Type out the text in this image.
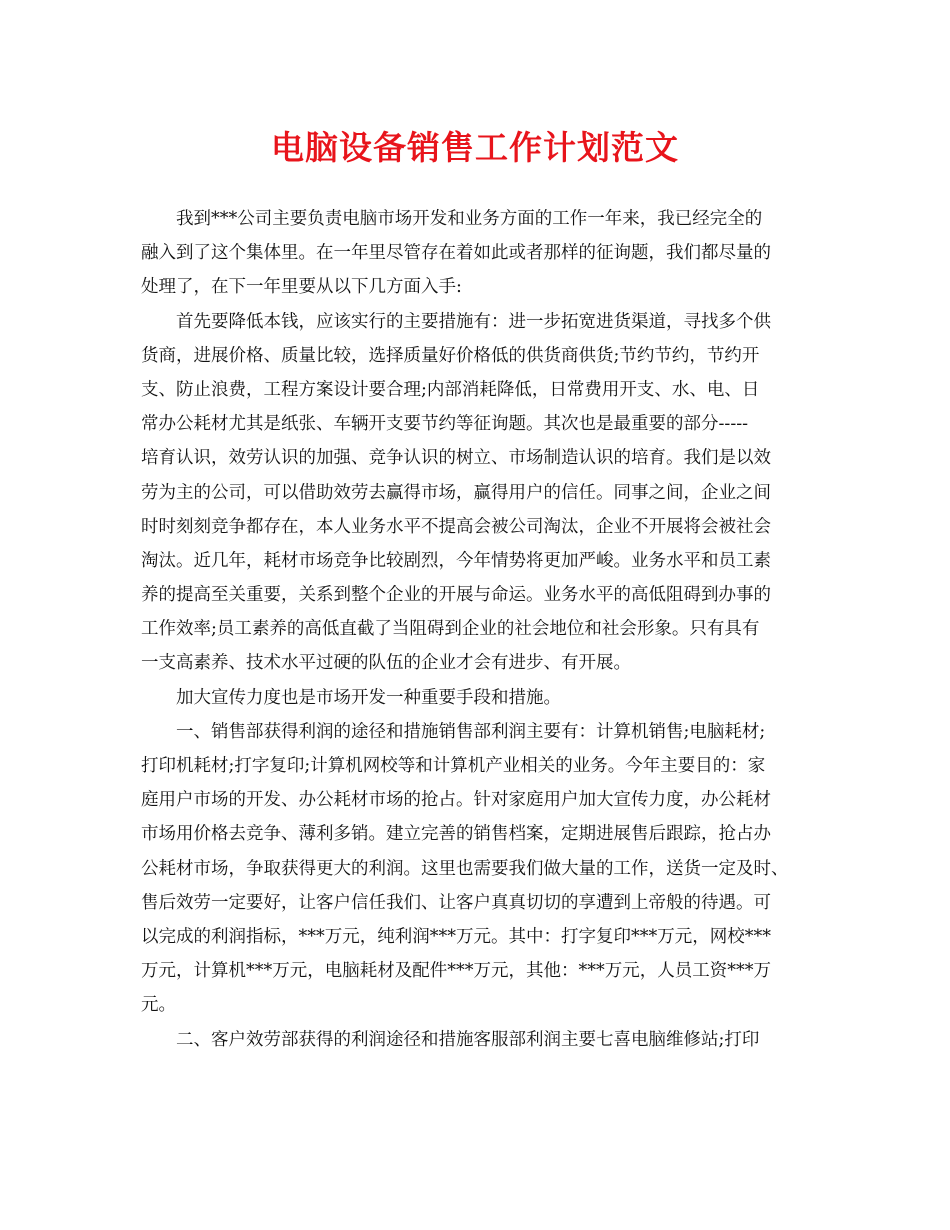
电脑设备销售工作计划范文
我到***公司主要负责电脑市场开发和业务方面的工作一年来，我已经完全的
融入到了这个集体里。在一年里尽管存在着如此或者那样的征询题，我们都尽量的
处理了，在下一年里要从以下几方面入手:
首先要降低本钱，应该实行的主要措施有：进一步拓宽进货渠道，寻找多个供
货商，进展价格、质量比较，选择质量好价格低的供货商供货;节约节约，节约开
支、防止浪费，工程方案设计要合理;内部消耗降低，日常费用开支、水、电、日
常办公耗材尤其是纸张、车辆开支要节约等征询题。其次也是最重要的部分-----
培育认识，效劳认识的加强、竞争认识的树立、市场制造认识的培育。我们是以效
劳为主的公司，可以借助效劳去赢得市场，赢得用户的信任。同事之间，企业之间
时时刻刻竞争都存在，本人业务水平不提高会被公司淘汰，企业不开展将会被社会
淘汰。近几年，耗材市场竞争比较剧烈，今年情势将更加严峻。业务水平和员工素
养的提高至关重要，关系到整个企业的开展与命运。业务水平的高低阻碍到办事的
工作效率;员工素养的高低直截了当阻碍到企业的社会地位和社会形象。只有具有
一支高素养、技术水平过硬的队伍的企业才会有进步、有开展。
加大宣传力度也是市场开发一种重要手段和措施。
一、销售部获得利润的途径和措施销售部利润主要有：计算机销售;电脑耗材;
打印机耗材;打字复印;计算机网校等和计算机产业相关的业务。今年主要目的：家
庭用户市场的开发、办公耗材市场的抢占。针对家庭用户加大宣传力度，办公耗材
市场用价格去竞争、薄利多销。建立完善的销售档案，定期进展售后跟踪，抢占办
公耗材市场，争取获得更大的利润。这里也需要我们做大量的工作，送货一定及时、
售后效劳一定要好，让客户信任我们、让客户真真切切的享遭到上帝般的待遇。可
以完成的利润指标，***万元，纯利润***万元。其中：打字复印***万元，网校***
万元，计算机***万元，电脑耗材及配件***万元，其他：***万元，人员工资***万
元。
二、客户效劳部获得的利润途径和措施客服部利润主要七喜电脑维修站;打印
